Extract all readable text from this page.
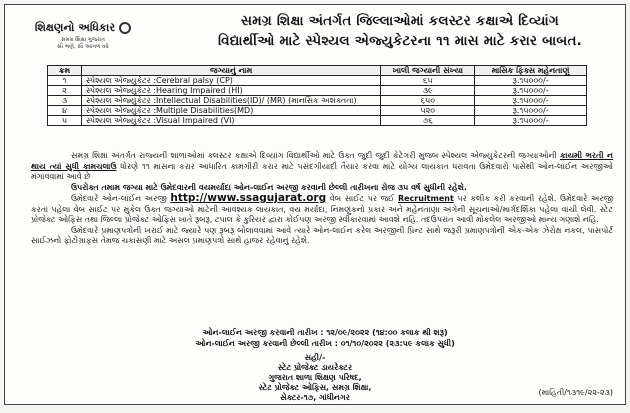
શિક્ષણનો અધિકાર
સમગ્ર શિક્ષા ગુજરાત
સૌ ભણે, સૌ આગળ વધે
સમગ્ર શિક્ષા અંતર્ગત જિલ્લાઓમાં કલસ્ટર કક્ષાએ દિવ્યાંગ
વિદ્યાર્થીઓ માટે સ્પેશ્યલ એજ્યુકેટરના ૧૧ માસ માટે કરાર બાબત.
ક્રમ	જગ્યાનું નામ	ખાલી જગ્યાની સંખ્યા	માસિક ફિક્સ મહેનતાણું
૧	સ્પેશ્યલ એજ્યુકેટર :Cerebral palsy (CP)	૬૫	રૂ.૧૫૦૦૦/-
૨	સ્પેશ્યલ એજ્યુકેટર :Hearing Impaired (HI)	૩૯	રૂ.૧૫૦૦૦/-
૩	સ્પેશ્યલ એજ્યુકેટર :Intellectual Disabilities(ID)/ (MR) (માનસિક અશક્તતા)	૬૫૦	રૂ.૧૫૦૦૦/-
૪	સ્પેશ્યલ એજ્યુકેટર :Multiple Disabilities(MD)	૫૨૦	રૂ.૧૫૦૦૦/-
૫	સ્પેશ્યલ એજ્યુકેટર :Visual Impaired (VI)	૭૬	રૂ.૧૫૦૦૦/-

સમગ્ર શિક્ષા અંતર્ગત રાજ્યની શાળાઓમાં ક્લસ્ટર કક્ષાએ દિવ્યાંગ વિદ્યાર્થીઓ માટે ઉક્ત જુદી જુદી કેટેગરી મુજબ સ્પેશ્યલ એજ્યુકેટરની જગ્યાઓની કાયમી ભરતી ન થાય ત્યાં સુધી કામચલાઉ ધોરણે ૧૧ માસના કરાર આધારિત કામગીરી કરાર માટે પસંદગીયાદી તૈયાર કરવા માટે યોગ્ય લાયકાત ધરાવતા ઉમેદવારો પાસેથી ઓન-લાઈન અરજીઓ મંગાવવામાં આવે છે

ઉપરોક્ત તમામ જગ્યા માટે ઉમેદવારની વયમર્યાદા ઓન-લાઈન અરજી કરવાની છેલ્લી તારીખના રોજ ૩૫ વર્ષ સુધીની રહેશે.

ઉમેદવારે ઓન-લાઈન અરજી http://www.ssagujarat.org વેબ સાઈટ પર જઈ Recruitment પર કલીક કરી કરવાની રહેશે. ઉમેદવારે અરજી કરતાં પહેલા વેબ સાઈટ પર મુકેલ ઉક્ત જગ્યાઓ માટેની આવશ્યક લાયકાત, વય મર્યાદા, નિમણુંકનો પ્રકાર અને મહેનતાણા અંગેની સૂચનાઓ/માર્ગદર્શિકા પહેલા વાંચી લેવી. સ્ટેટ પ્રોજેક્ટ ઓફિસ તથા જિલ્લા પ્રોજેક્ટ ઓફિસ ખાતે રૂબરૂ, ટપાલ કે કુરિયર દ્વારા કોઈપણ અરજી સ્વીકારવામાં આવશે નહિં. તદઉપરાંત આવી મોકલેલ અરજીઓ માન્ય ગણાશે નહિં.

ઉમેદવારે પ્રમાણપત્રોની ખરાઈ માટે જ્યારે પણ રૂબરૂ બોલાવવામાં આવે ત્યારે ઓન-લાઈન કરેલ અરજીની પ્રિન્ટ સાથે જરૂરી પ્રમાણપત્રોની એક-એક ઝેરોક્ષ નકલ, પાસપોર્ટ સાઈઝનો ફોટોગ્રાફસ તેમજ ચકાસણી માટે અસલ પ્રમાણપત્રો સાથે હાજર રહેવાનું રહેશે.

ઓન-લાઈન અરજી કરવાની તારીખ : ૧૨/૦૯/૨૦૨૨ (૧૪:૦૦ કલાક થી શરૂ)
ઓન-લાઈન અરજી કરવાની છેલ્લી તારીખ : ૦૧/૧૦/૨૦૨૨ (૨૩:૫૯ કલાક સુધી)
સહી/-
સ્ટેટ પ્રોજેક્ટ ડાયરેક્ટર
ગુજરાત શાળા શિક્ષણ પરિષદ,
સ્ટેટ પ્રોજેક્ટ ઓફિસ, સમગ્ર શિક્ષા,
સેક્ટર-૧૭, ગાંધીનગર
(માહિતી/૧૩૧૯/૨૨-૨૩)
